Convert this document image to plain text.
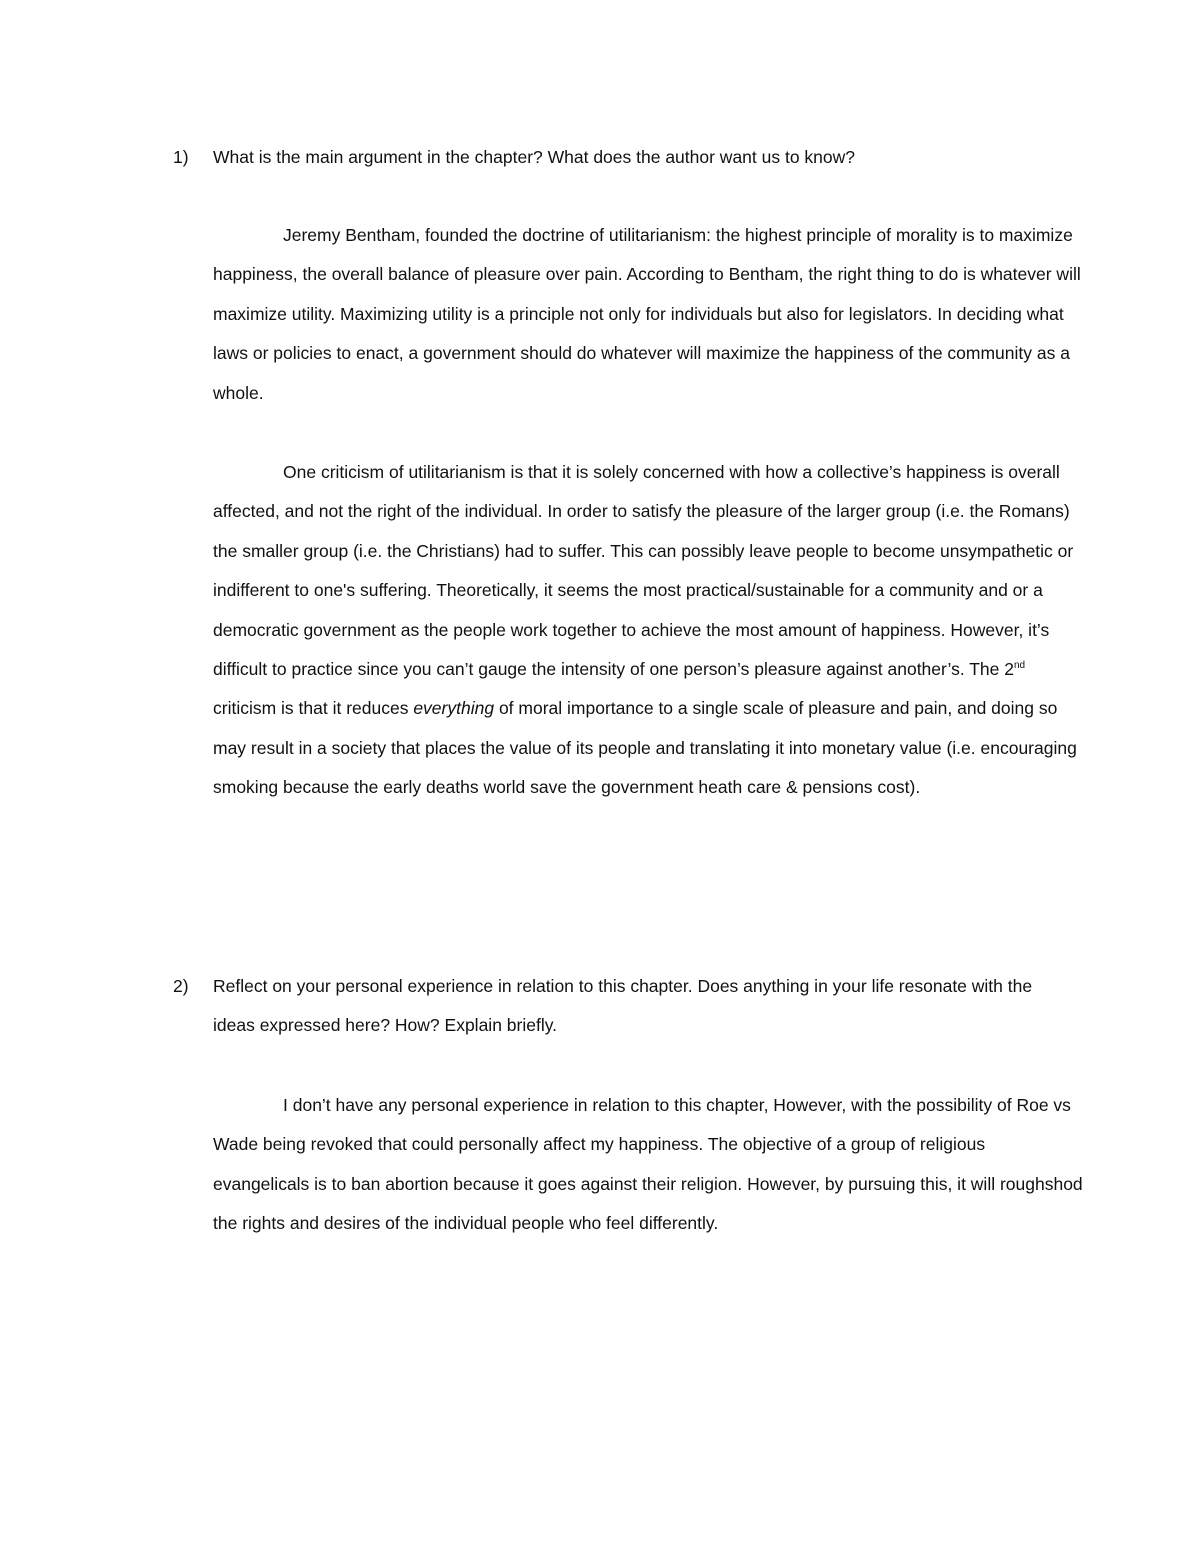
1)	What is the main argument in the chapter? What does the author want us to know?

Jeremy Bentham, founded the doctrine of utilitarianism: the highest principle of morality is to maximize happiness, the overall balance of pleasure over pain. According to Bentham, the right thing to do is whatever will maximize utility. Maximizing utility is a principle not only for individuals but also for legislators. In deciding what laws or policies to enact, a government should do whatever will maximize the happiness of the community as a whole.

One criticism of utilitarianism is that it is solely concerned with how a collective’s happiness is overall affected, and not the right of the individual. In order to satisfy the pleasure of the larger group (i.e. the Romans) the smaller group (i.e. the Christians) had to suffer. This can possibly leave people to become unsympathetic or indifferent to one's suffering. Theoretically, it seems the most practical/sustainable for a community and or a democratic government as the people work together to achieve the most amount of happiness. However, it’s difficult to practice since you can’t gauge the intensity of one person’s pleasure against another’s. The 2nd criticism is that it reduces everything of moral importance to a single scale of pleasure and pain, and doing so may result in a society that places the value of its people and translating it into monetary value (i.e. encouraging smoking because the early deaths world save the government heath care & pensions cost).

2)	Reflect on your personal experience in relation to this chapter. Does anything in your life resonate with the ideas expressed here? How? Explain briefly.

I don’t have any personal experience in relation to this chapter, However, with the possibility of Roe vs Wade being revoked that could personally affect my happiness. The objective of a group of religious evangelicals is to ban abortion because it goes against their religion. However, by pursuing this, it will roughshod the rights and desires of the individual people who feel differently.
